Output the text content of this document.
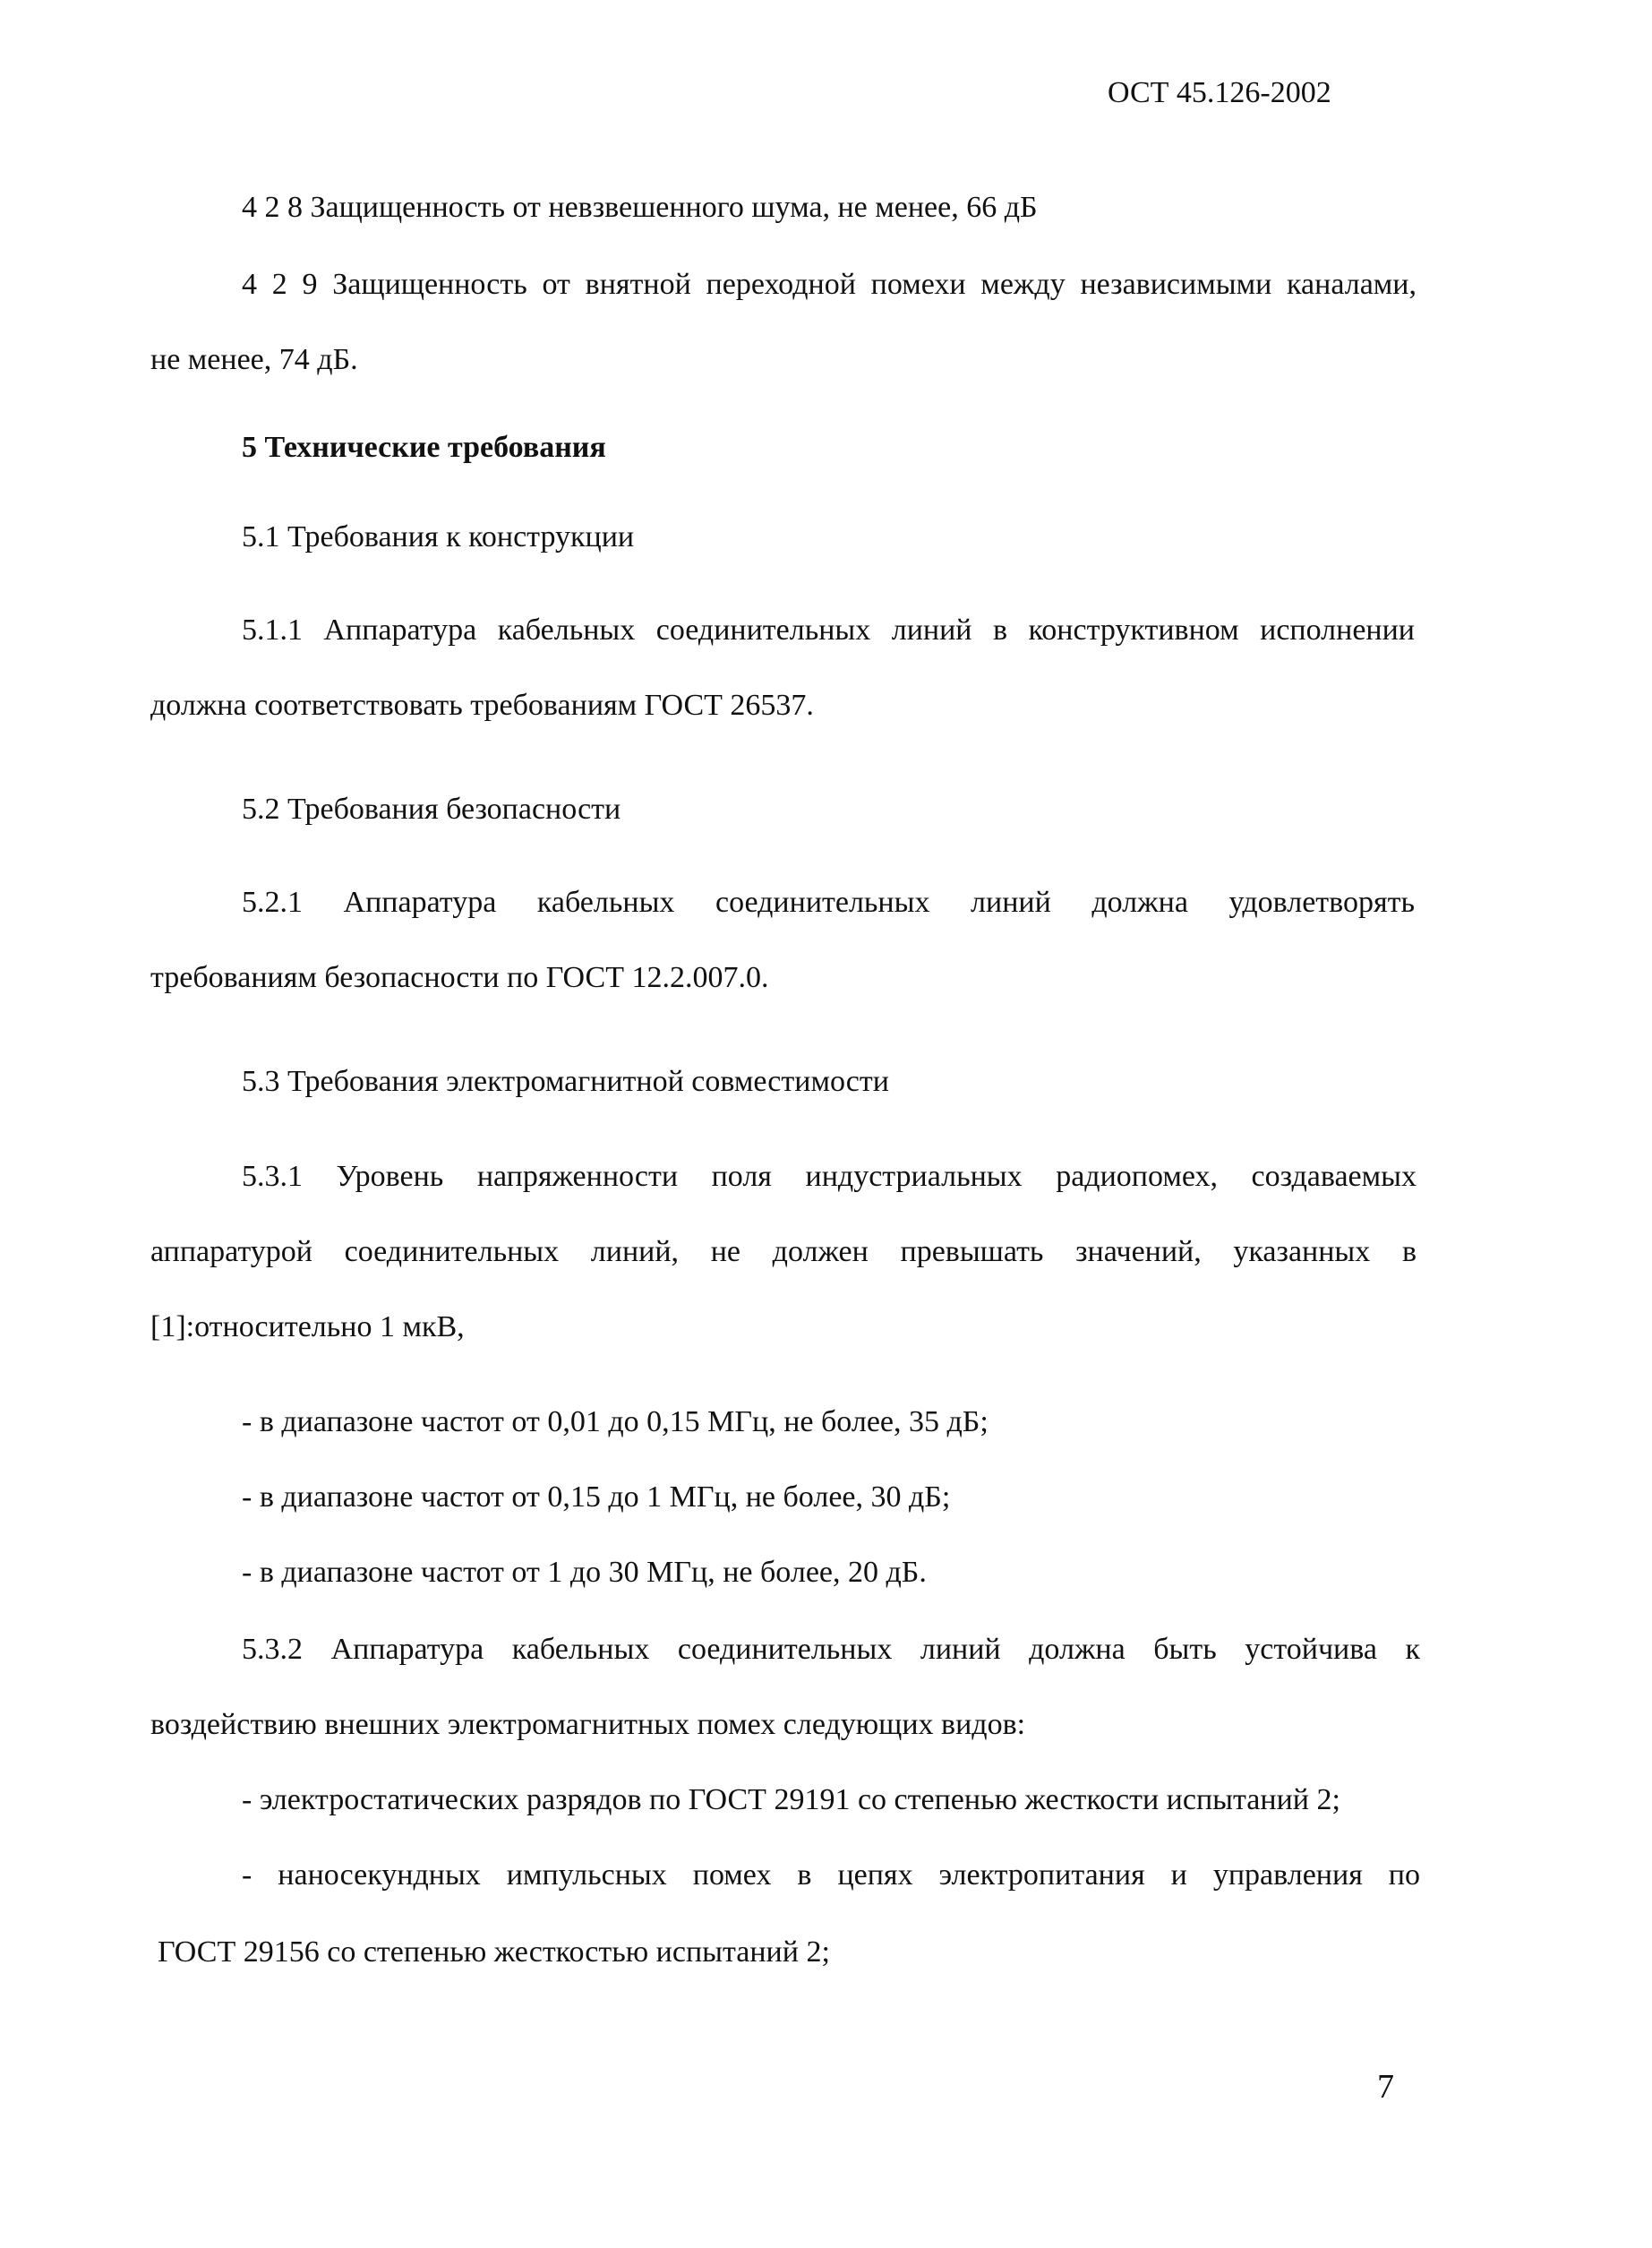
ОСТ 45.126-2002
4 2 8 Защищенность от невзвешенного шума, не менее, 66 дБ
4 2 9 Защищенность от внятной переходной помехи между независимыми каналами,
не менее, 74 дБ.
5 Технические требования
5.1 Требования к конструкции
5.1.1 Аппаратура кабельных соединительных линий в конструктивном исполнении
должна соответствовать требованиям ГОСТ 26537.
5.2 Требования безопасности
5.2.1 Аппаратура кабельных соединительных линий должна удовлетворять
требованиям безопасности по ГОСТ 12.2.007.0.
5.3 Требования электромагнитной совместимости
5.3.1 Уровень напряженности поля индустриальных радиопомех, создаваемых
аппаратурой соединительных линий, не должен превышать значений, указанных в
[1]:относительно 1 мкВ,
- в диапазоне частот от 0,01 до 0,15 МГц, не более, 35 дБ;
- в диапазоне частот от 0,15 до 1 МГц, не более, 30 дБ;
- в диапазоне частот от 1 до 30 МГц, не более, 20 дБ.
5.3.2 Аппаратура кабельных соединительных линий должна быть устойчива к
воздействию внешних электромагнитных помех следующих видов:
- электростатических разрядов по ГОСТ 29191 со степенью жесткости испытаний 2;
- наносекундных импульсных помех в цепях электропитания и управления по
ГОСТ 29156 со степенью жесткостью испытаний 2;
7
